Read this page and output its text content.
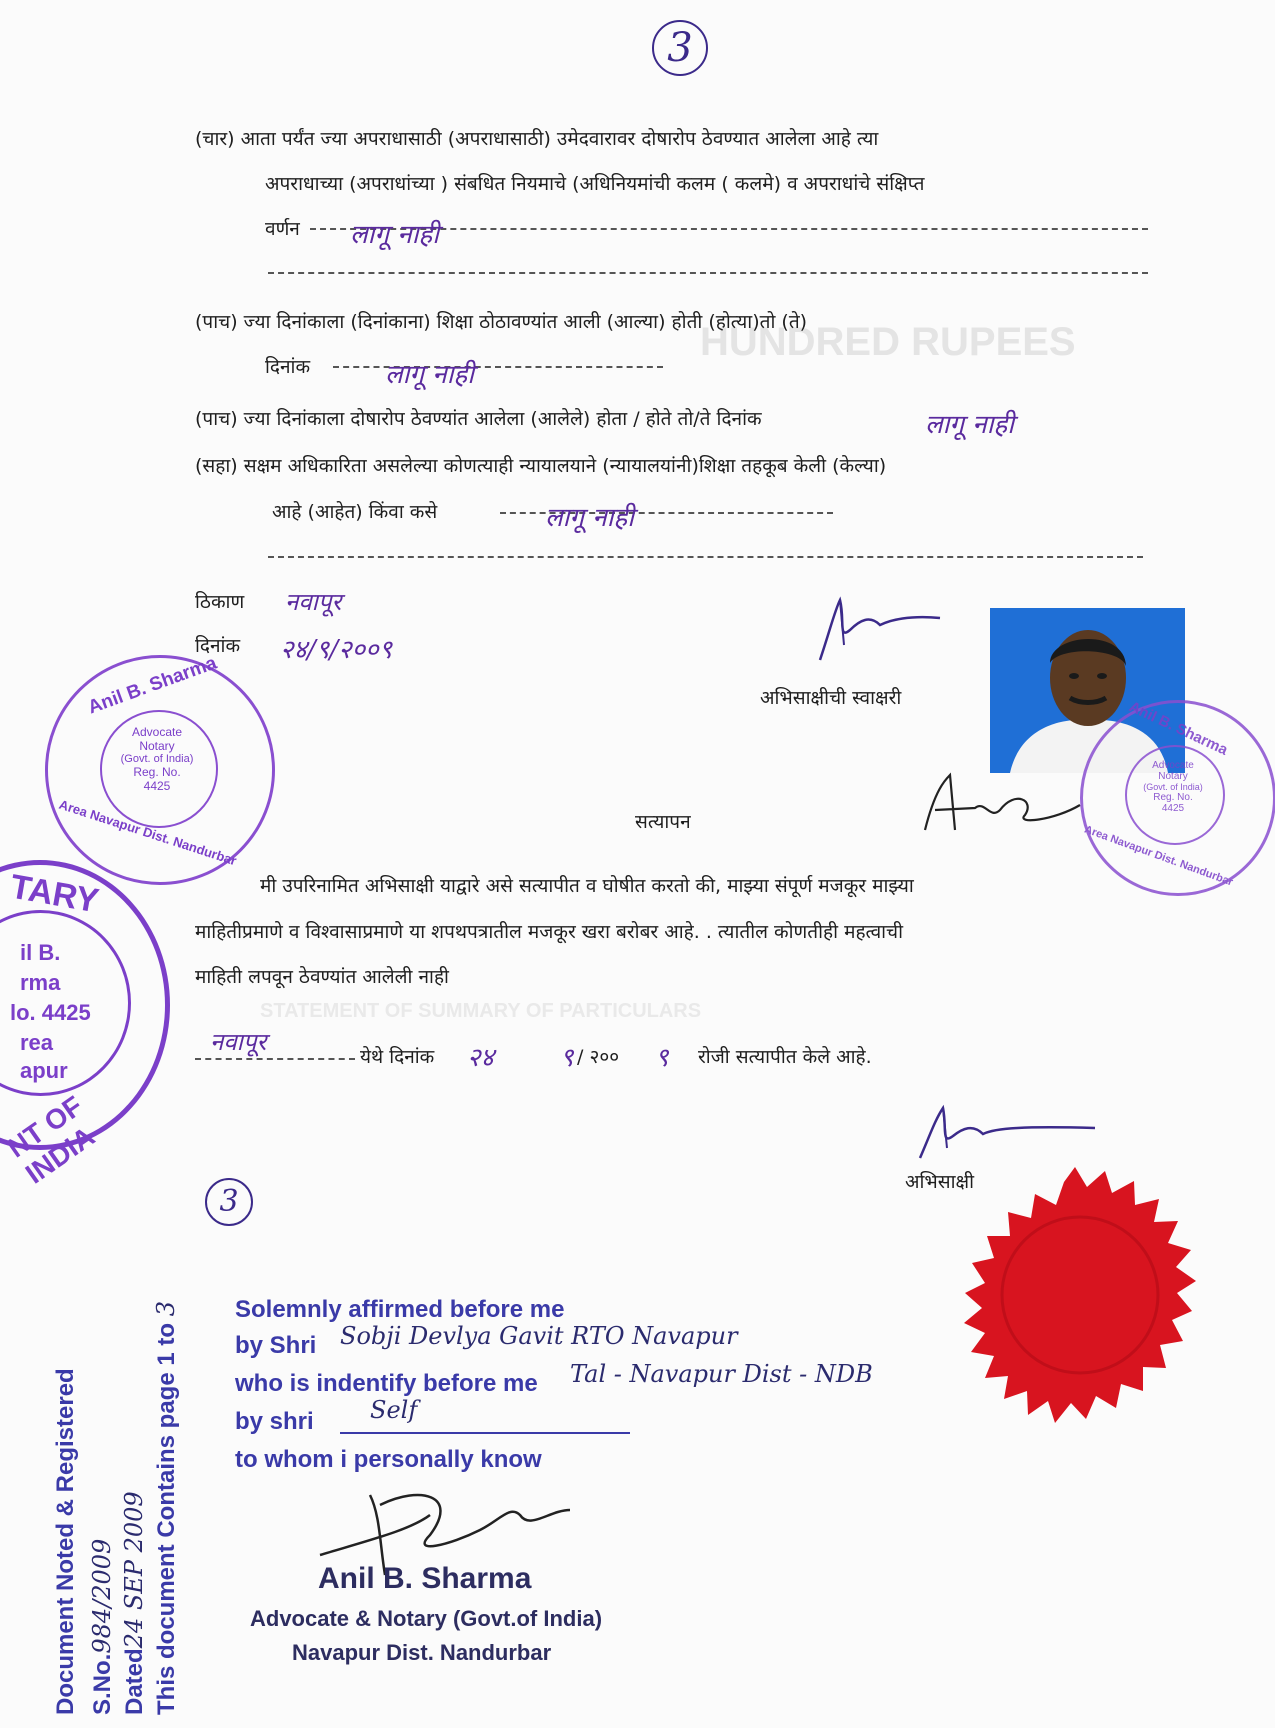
HUNDRED RUPEES
STATEMENT OF SUMMARY OF PARTICULARS
3
(चार) आता पर्यंत ज्या अपराधासाठी (अपराधासाठी) उमेदवारावर दोषारोप ठेवण्यात आलेला आहे त्या
अपराधाच्या (अपराधांच्या ) संबधित नियमाचे (अधिनियमांची कलम ( कलमे) व अपराधांचे संक्षिप्त
वर्णन लागू नाही
(पाच) ज्या दिनांकाला (दिनांकाना) शिक्षा ठोठावण्यांत आली (आल्या) होती (होत्या)तो (ते)
दिनांक	लागू नाही
(पाच) ज्या दिनांकाला दोषारोप ठेवण्यांत आलेला (आलेले) होता / होते तो/ते दिनांक	लागू नाही
(सहा) सक्षम अधिकारिता असलेल्या कोणत्याही न्यायालयाने (न्यायालयांनी)शिक्षा तहकूब केली (केल्या)
आहे (आहेत) किंवा कसे	लागू नाही
ठिकाण नवापूर
दिनांक २४/९/२००९
अभिसाक्षीची स्वाक्षरी
Anil B. Sharma
Area Navapur Dist. Nandurbar
Advocate
Notary
(Govt. of India)
Reg. No.
4425
Anil B. Sharma
Area Navapur Dist. Nandurbar
Advocate
Notary
(Govt. of India)
Reg. No.
4425
TARY
il B.
rma
lo. 4425
rea
apur
NT OF INDIA
सत्यापन
मी उपरिनामित अभिसाक्षी याद्वारे असे सत्यापीत व घोषीत करतो की, माझ्या संपूर्ण मजकूर माझ्या
माहितीप्रमाणे व विश्वासाप्रमाणे या शपथपत्रातील मजकूर खरा बरोबर आहे. . त्यातील कोणतीही महत्वाची
माहिती लपवून ठेवण्यांत आलेली नाही
नवापूर
येथे दिनांक २४	९ / २०० ९ रोजी सत्यापीत केले आहे.
अभिसाक्षी
3
Solemnly affirmed before me
by Shri Sobji Devlya Gavit RTO Navapur
who is indentify before me Tal - Navapur Dist - NDB
by shri Self
to whom i personally know
Anil B. Sharma
Advocate & Notary (Govt.of India)
Navapur Dist. Nandurbar
Document Noted & Registered S.No.984/2009
Dated24 SEP 2009 This document Contains page 1 to 3
